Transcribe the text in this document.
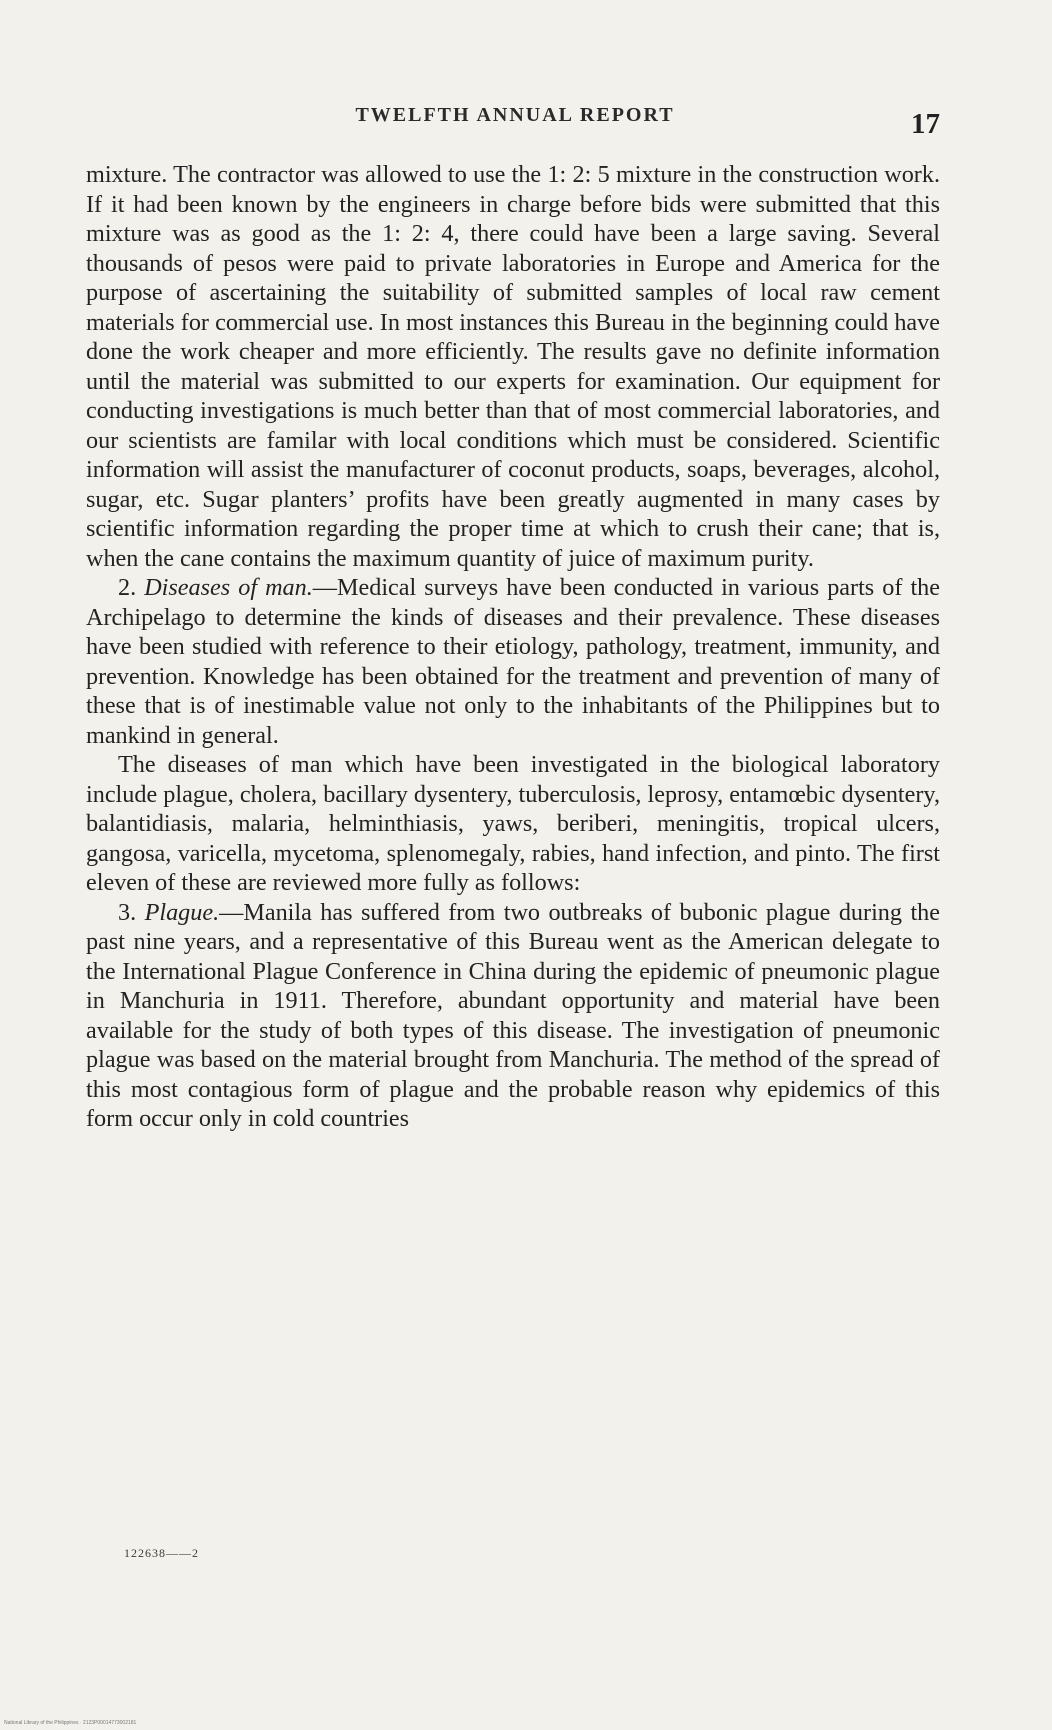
TWELFTH ANNUAL REPORT	17

mixture. The contractor was allowed to use the 1: 2: 5 mixture in the construction work. If it had been known by the engineers in charge before bids were submitted that this mixture was as good as the 1: 2: 4, there could have been a large saving. Several thousands of pesos were paid to private laboratories in Europe and America for the purpose of ascertaining the suitability of submitted samples of local raw cement materials for commercial use. In most instances this Bureau in the beginning could have done the work cheaper and more efficiently. The results gave no definite information until the material was submitted to our experts for examination. Our equipment for conducting investigations is much better than that of most commercial laboratories, and our scientists are familar with local conditions which must be considered. Scientific information will assist the manufacturer of coconut products, soaps, beverages, alcohol, sugar, etc. Sugar planters’ profits have been greatly augmented in many cases by scientific information regarding the proper time at which to crush their cane; that is, when the cane contains the maximum quantity of juice of maximum purity.

2. Diseases of man.—Medical surveys have been conducted in various parts of the Archipelago to determine the kinds of diseases and their prevalence. These diseases have been studied with reference to their etiology, pathology, treatment, immunity, and prevention. Knowledge has been obtained for the treatment and prevention of many of these that is of inestimable value not only to the inhabitants of the Philippines but to mankind in general.

The diseases of man which have been investigated in the biological laboratory include plague, cholera, bacillary dysentery, tuberculosis, leprosy, entamœbic dysentery, balantidiasis, malaria, helminthiasis, yaws, beriberi, meningitis, tropical ulcers, gangosa, varicella, mycetoma, splenomegaly, rabies, hand infection, and pinto. The first eleven of these are reviewed more fully as follows:

3. Plague.—Manila has suffered from two outbreaks of bubonic plague during the past nine years, and a representative of this Bureau went as the American delegate to the International Plague Conference in China during the epidemic of pneumonic plague in Manchuria in 1911. Therefore, abundant opportunity and material have been available for the study of both types of this disease. The investigation of pneumonic plague was based on the material brought from Manchuria. The method of the spread of this most contagious form of plague and the probable reason why epidemics of this form occur only in cold countries

122638——2
National Library of the Philippines · 2123P00014773002181
